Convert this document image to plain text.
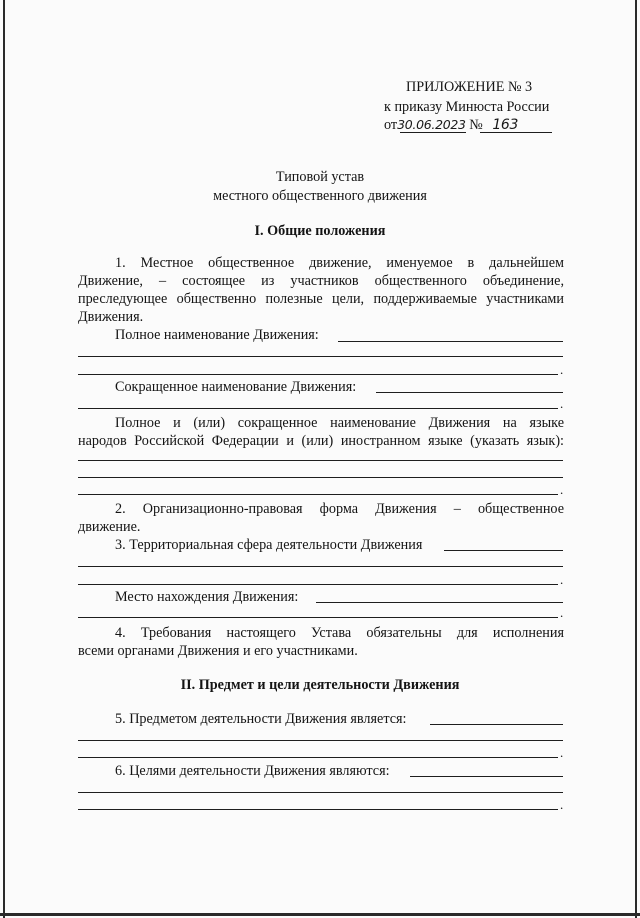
ПРИЛОЖЕНИЕ № 3
к приказу Минюста России
от30.06.2023 № 163
Типовой устав
местного общественного движения
I. Общие положения
1. Местное общественное движение, именуемое в дальнейшем
Движение, – состоящее из участников общественного объединение,
преследующее общественно полезные цели, поддерживаемые участниками
Движения.
Полное наименование Движения:
.
Сокращенное наименование Движения:
.
Полное и (или) сокращенное наименование Движения на языке
народов Российской Федерации и (или) иностранном языке (указать язык):
.
2. Организационно-правовая форма Движения – общественное
движение.
3. Территориальная сфера деятельности Движения
.
Место нахождения Движения:
.
4. Требования настоящего Устава обязательны для исполнения
всеми органами Движения и его участниками.
II. Предмет и цели деятельности Движения
5. Предметом деятельности Движения является:
.
6. Целями деятельности Движения являются:
.
